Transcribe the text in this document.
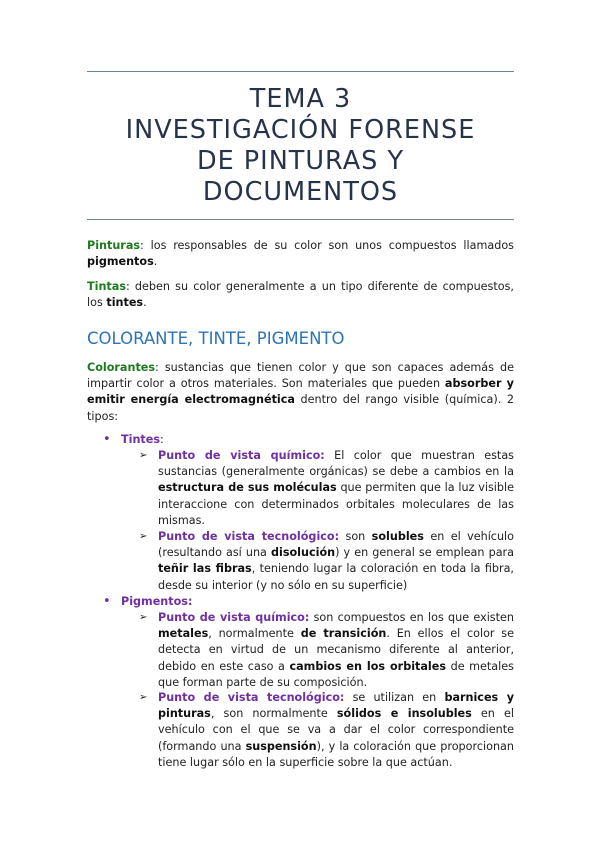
TEMA 3
INVESTIGACIÓN FORENSE
DE PINTURAS Y
DOCUMENTOS

Pinturas: los responsables de su color son unos compuestos llamados pigmentos.

Tintas: deben su color generalmente a un tipo diferente de compuestos, los tintes.

COLORANTE, TINTE, PIGMENTO

Colorantes: sustancias que tienen color y que son capaces además de impartir color a otros materiales. Son materiales que pueden absorber y emitir energía electromagnética dentro del rango visible (química). 2 tipos:

• Tintes:
➢ Punto de vista químico: El color que muestran estas sustancias (generalmente orgánicas) se debe a cambios en la estructura de sus moléculas que permiten que la luz visible interaccione con determinados orbitales moleculares de las mismas.
➢ Punto de vista tecnológico: son solubles en el vehículo (resultando así una disolución) y en general se emplean para teñir las fibras, teniendo lugar la coloración en toda la fibra, desde su interior (y no sólo en su superficie)
• Pigmentos:
➢ Punto de vista químico: son compuestos en los que existen metales, normalmente de transición. En ellos el color se detecta en virtud de un mecanismo diferente al anterior, debido en este caso a cambios en los orbitales de metales que forman parte de su composición.
➢ Punto de vista tecnológico: se utilizan en barnices y pinturas, son normalmente sólidos e insolubles en el vehículo con el que se va a dar el color correspondiente (formando una suspensión), y la coloración que proporcionan tiene lugar sólo en la superficie sobre la que actúan.
